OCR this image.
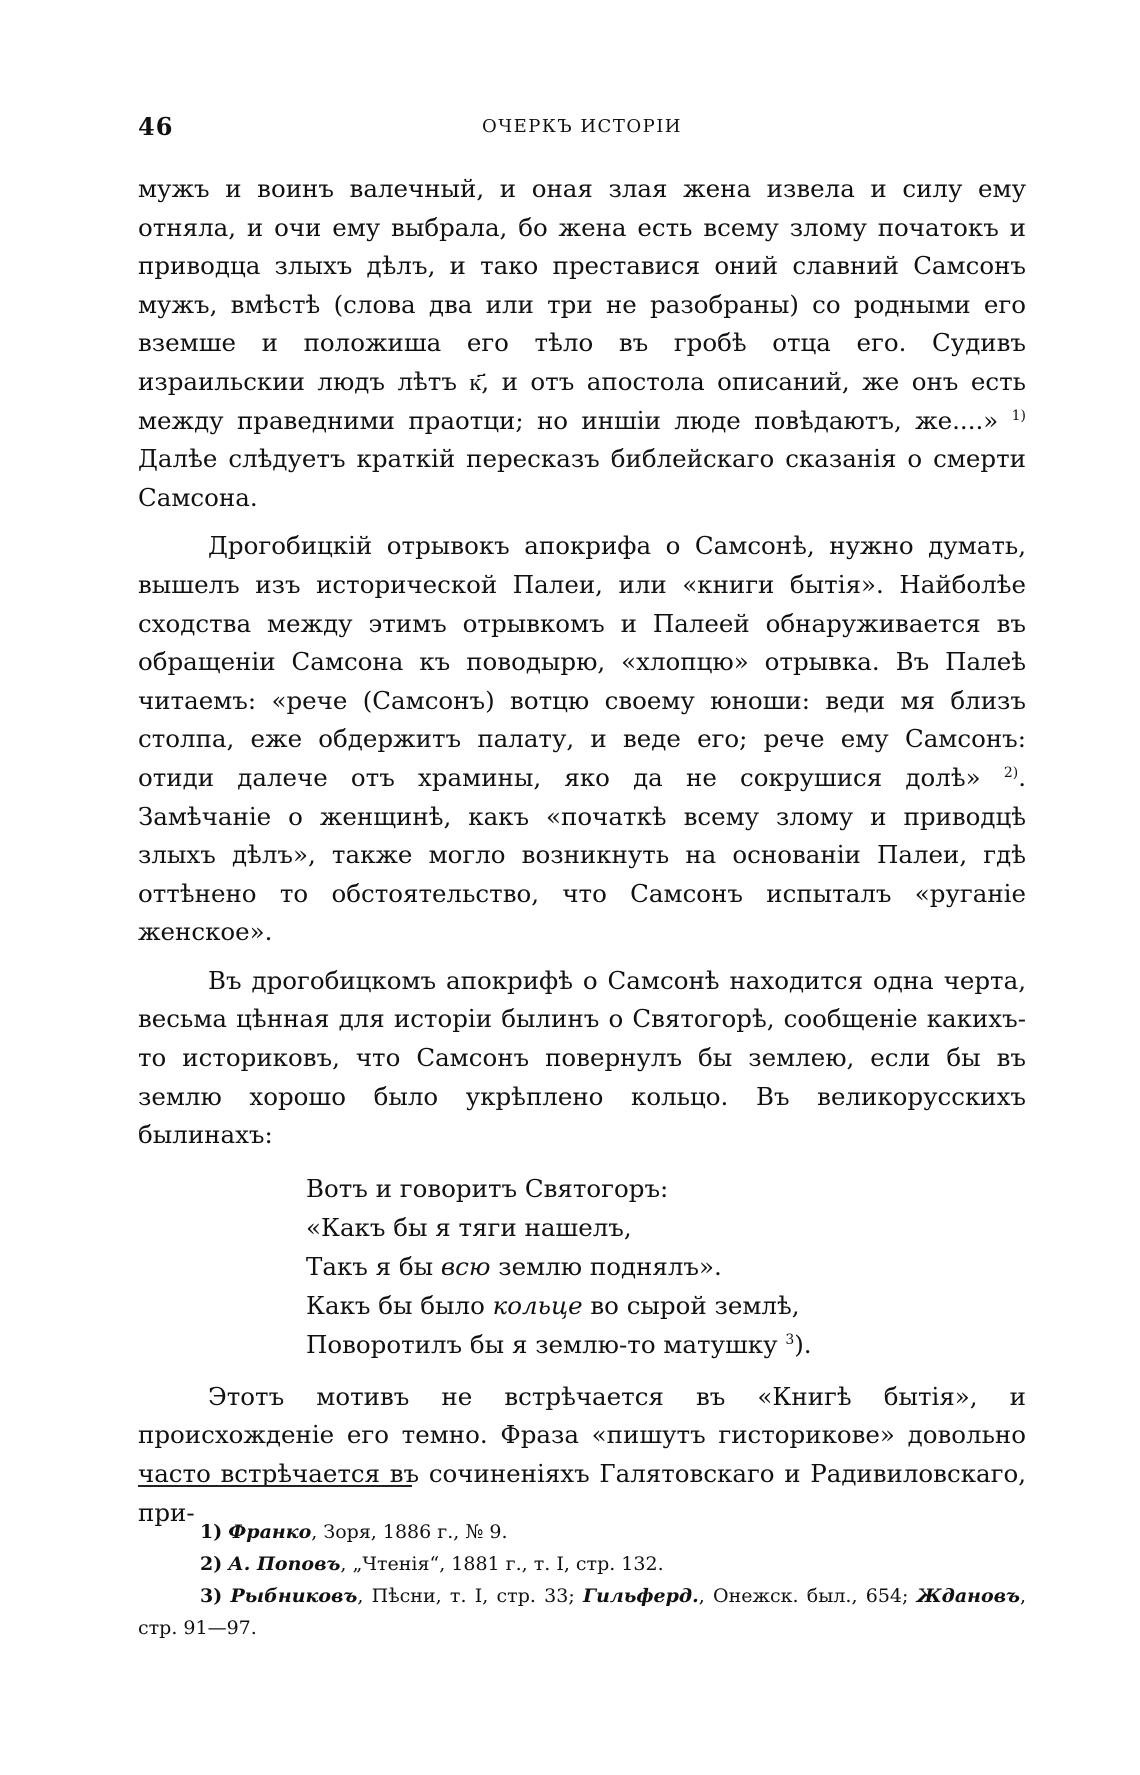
46	ОЧЕРКЪ ИСТОРІИ

мужъ и воинъ валечный, и оная злая жена извела и силу ему отняла, и очи ему выбрала, бо жена есть всему злому початокъ и приводца злыхъ дѣлъ, и тако преставися оний славний Самсонъ мужъ, вмѣстѣ (слова два или три не разобраны) со родными его вземше и положиша его тѣло въ гробѣ отца его. Судивъ израильскии людъ лѣтъ к҃, и отъ апостола описаний, же онъ есть между праведними праотци; но иншіи люде повѣдаютъ, же....» $^{1)}$ Далѣе слѣдуетъ краткій пересказъ библейскаго сказанія о смерти Самсона.

Дрогобицкій отрывокъ апокрифа о Самсонѣ, нужно думать, вышелъ изъ исторической Палеи, или «книги бытія». Найболѣе сходства между этимъ отрывкомъ и Палеей обнаруживается въ обращеніи Самсона къ поводырю, «хлопцю» отрывка. Въ Палеѣ читаемъ: «рече (Самсонъ) вотцю своему юноши: веди мя близъ столпа, еже обдержитъ палату, и веде его; рече ему Самсонъ: отиди далече отъ храмины, яко да не сокрушися долѣ» $^{2)}$. Замѣчаніе о женщинѣ, какъ «початкѣ всему злому и приводцѣ злыхъ дѣлъ», также могло возникнуть на основаніи Палеи, гдѣ оттѣнено то обстоятельство, что Самсонъ испыталъ «руганіе женское».

Въ дрогобицкомъ апокрифѣ о Самсонѣ находится одна черта, весьма цѣнная для исторіи былинъ о Святогорѣ, сообщеніе какихъ-то историковъ, что Самсонъ повернулъ бы землею, если бы въ землю хорошо было укрѣплено кольцо. Въ великорусскихъ былинахъ:

Вотъ и говоритъ Святогоръ:
«Какъ бы я тяги нашелъ,
Такъ я бы всю землю поднялъ».
Какъ бы было кольце во сырой землѣ,
Поворотилъ бы я землю-то матушку $^3$).

Этотъ мотивъ не встрѣчается въ «Книгѣ бытія», и происхожденіе его темно. Фраза «пишутъ гисторикове» довольно часто встрѣчается въ сочиненіяхъ Галятовскаго и Радивиловскаго, при-

1) Франко, Зоря, 1886 г., № 9.

2) А. Поповъ, „Чтенія“, 1881 г., т. I, стр. 132.

3) Рыбниковъ, Пѣсни, т. I, стр. 33; Гильферд., Онежск. был., 654; Ждановъ, стр. 91—97.
